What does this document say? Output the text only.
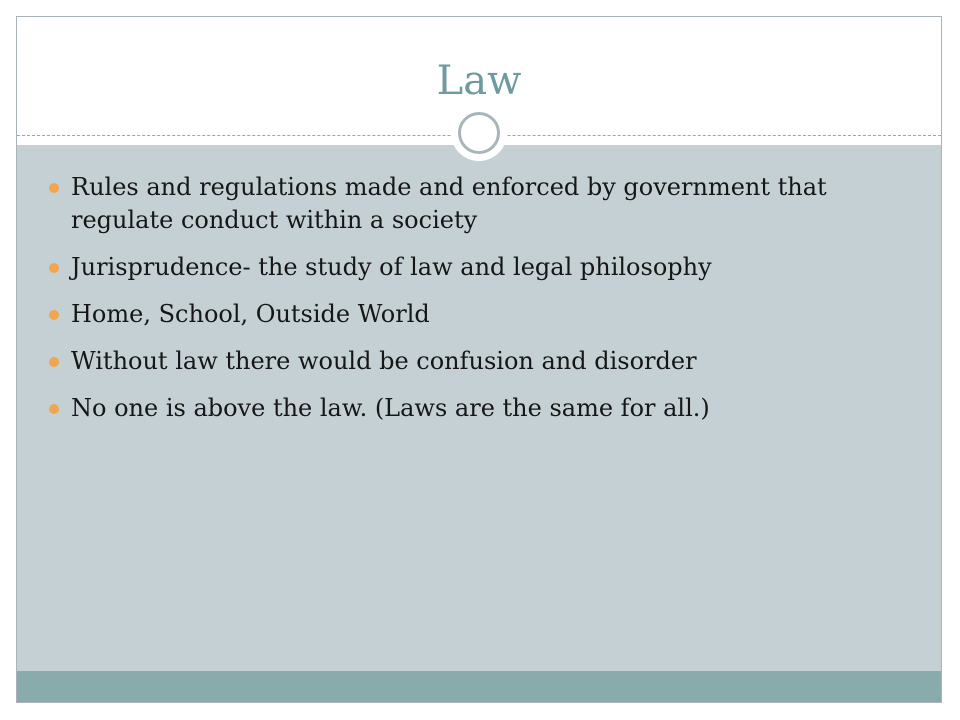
Law
Rules and regulations made and enforced by government that regulate conduct within a society
Jurisprudence- the study of law and legal philosophy
Home, School, Outside World
Without law there would be confusion and disorder
No one is above the law. (Laws are the same for all.)
